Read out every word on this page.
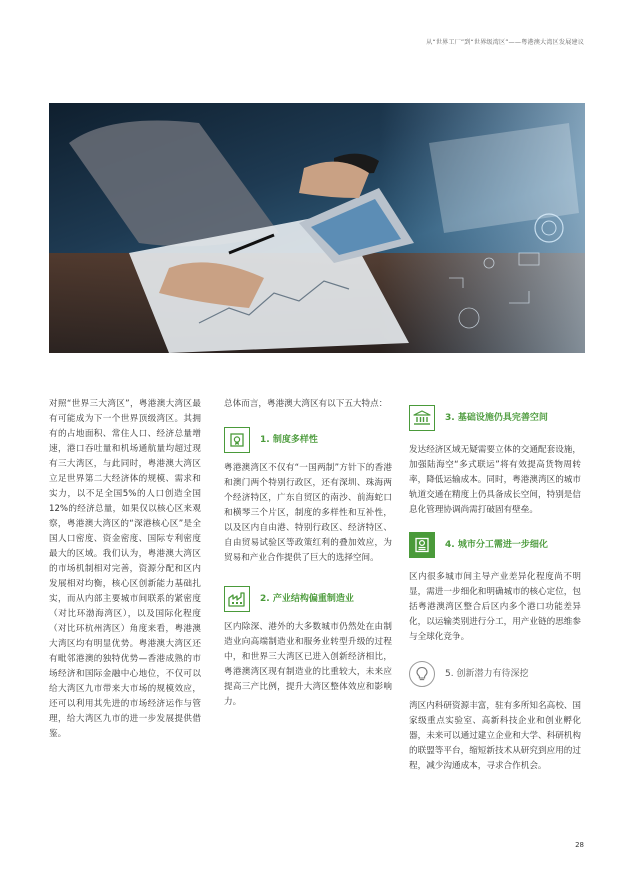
从“世界工厂”到“世界级湾区”——粤港澳大湾区发展建议

对照“世界三大湾区”，粤港澳大湾区最有可能成为下一个世界顶级湾区。其拥有的占地面积、常住人口、经济总量增速，港口吞吐量和机场通航量均超过现有三大湾区，与此同时，粤港澳大湾区立足世界第二大经济体的规模、需求和实力，以不足全国5%的人口创造全国12%的经济总量，如果仅以核心区来观察，粤港澳大湾区的“深港核心区”是全国人口密度、资金密度、国际专利密度最大的区域。我们认为，粤港澳大湾区的市场机制相对完善，资源分配和区内发展相对均衡，核心区创新能力基础扎实，而从内部主要城市间联系的紧密度（对比环渤海湾区），以及国际化程度（对比环杭州湾区）角度来看，粤港澳大湾区均有明显优势。粤港澳大湾区还有毗邻港澳的独特优势—香港成熟的市场经济和国际金融中心地位，不仅可以给大湾区九市带来大市场的规模效应，还可以利用其先进的市场经济运作与管理，给大湾区九市的进一步发展提供借鉴。

总体而言，粤港澳大湾区有以下五大特点：

1. 制度多样性

粤港澳湾区不仅有“一国两制”方针下的香港和澳门两个特别行政区，还有深圳、珠海两个经济特区，广东自贸区的南沙、前海蛇口和横琴三个片区，制度的多样性和互补性，以及区内自由港、特别行政区、经济特区、自由贸易试验区等政策红利的叠加效应，为贸易和产业合作提供了巨大的选择空间。

2. 产业结构偏重制造业

区内除深、港外的大多数城市仍然处在由制造业向高端制造业和服务业转型升级的过程中，和世界三大湾区已进入创新经济相比，粤港澳湾区现有制造业的比重较大，未来应提高三产比例，提升大湾区整体效应和影响力。

3. 基础设施仍具完善空间

发达经济区域无疑需要立体的交通配套设施，加强陆海空“多式联运”将有效提高货物周转率，降低运输成本。同时，粤港澳湾区的城市轨道交通在精度上仍具备成长空间，特别是信息化管理协调尚需打破固有壁垒。

4. 城市分工需进一步细化

区内很多城市间主导产业差异化程度尚不明显，需进一步细化和明确城市的核心定位，包括粤港澳湾区整合后区内多个港口功能差异化，以运输类别进行分工，用产业链的思维参与全球化竞争。

5. 创新潜力有待深挖

湾区内科研资源丰富，驻有多所知名高校、国家级重点实验室、高新科技企业和创业孵化器，未来可以通过建立企业和大学、科研机构的联盟等平台，缩短新技术从研究到应用的过程，减少沟通成本，寻求合作机会。

28
